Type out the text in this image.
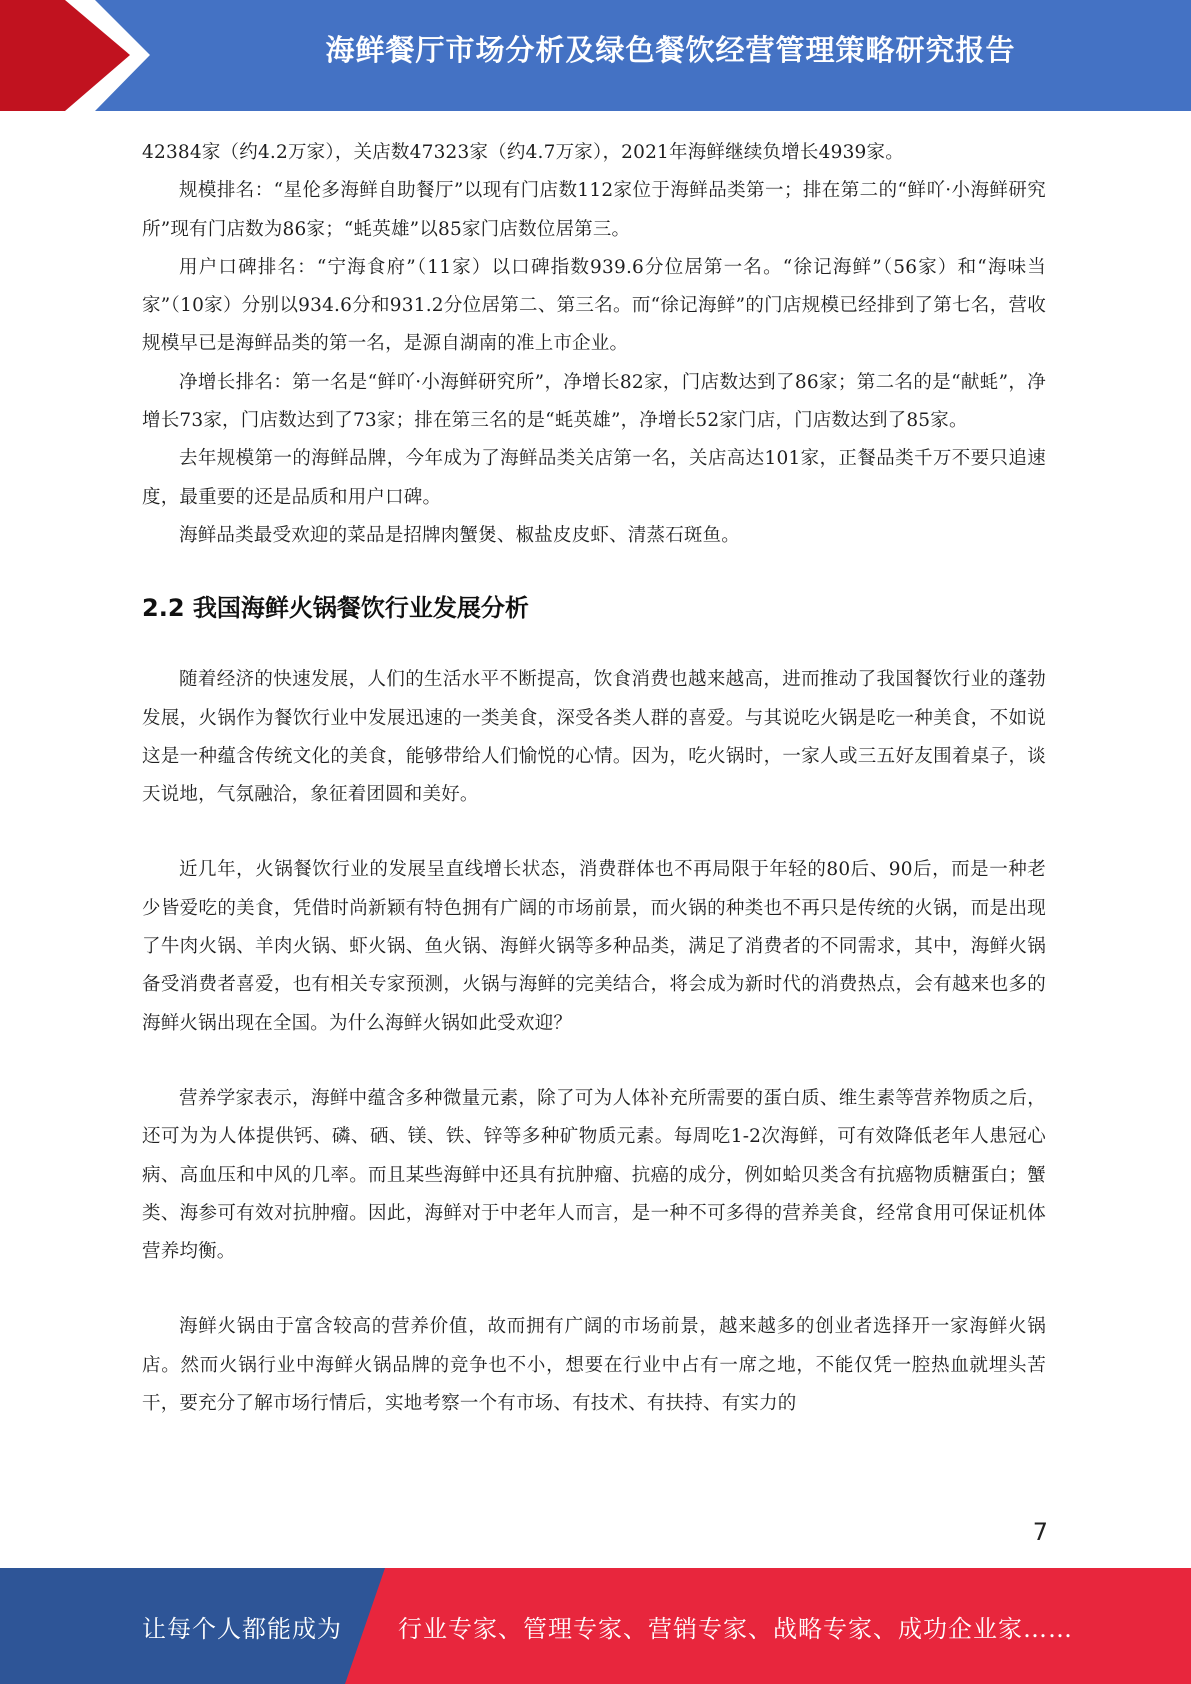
海鲜餐厅市场分析及绿色餐饮经营管理策略研究报告

42384家（约4.2万家），关店数47323家（约4.7万家），2021年海鲜继续负增长4939家。

规模排名：“星伦多海鲜自助餐厅”以现有门店数112家位于海鲜品类第一；排在第二的“鲜吖·小海鲜研究所”现有门店数为86家；“蚝英雄”以85家门店数位居第三。

用户口碑排名：“宁海食府”（11家）以口碑指数939.6分位居第一名。“徐记海鲜”（56家）和“海味当家”（10家）分别以934.6分和931.2分位居第二、第三名。而“徐记海鲜”的门店规模已经排到了第七名，营收规模早已是海鲜品类的第一名，是源自湖南的准上市企业。

净增长排名：第一名是“鲜吖·小海鲜研究所”，净增长82家，门店数达到了86家；第二名的是“献蚝”，净增长73家，门店数达到了73家；排在第三名的是“蚝英雄”，净增长52家门店，门店数达到了85家。

去年规模第一的海鲜品牌，今年成为了海鲜品类关店第一名，关店高达101家，正餐品类千万不要只追速度，最重要的还是品质和用户口碑。

海鲜品类最受欢迎的菜品是招牌肉蟹煲、椒盐皮皮虾、清蒸石斑鱼。

2.2 我国海鲜火锅餐饮行业发展分析

随着经济的快速发展，人们的生活水平不断提高，饮食消费也越来越高，进而推动了我国餐饮行业的蓬勃发展，火锅作为餐饮行业中发展迅速的一类美食，深受各类人群的喜爱。与其说吃火锅是吃一种美食，不如说这是一种蕴含传统文化的美食，能够带给人们愉悦的心情。因为，吃火锅时，一家人或三五好友围着桌子，谈天说地，气氛融洽，象征着团圆和美好。

近几年，火锅餐饮行业的发展呈直线增长状态，消费群体也不再局限于年轻的80后、90后，而是一种老少皆爱吃的美食，凭借时尚新颖有特色拥有广阔的市场前景，而火锅的种类也不再只是传统的火锅，而是出现了牛肉火锅、羊肉火锅、虾火锅、鱼火锅、海鲜火锅等多种品类，满足了消费者的不同需求，其中，海鲜火锅备受消费者喜爱，也有相关专家预测，火锅与海鲜的完美结合，将会成为新时代的消费热点，会有越来也多的海鲜火锅出现在全国。为什么海鲜火锅如此受欢迎？

营养学家表示，海鲜中蕴含多种微量元素，除了可为人体补充所需要的蛋白质、维生素等营养物质之后，还可为为人体提供钙、磷、硒、镁、铁、锌等多种矿物质元素。每周吃1-2次海鲜，可有效降低老年人患冠心病、高血压和中风的几率。而且某些海鲜中还具有抗肿瘤、抗癌的成分，例如蛤贝类含有抗癌物质糖蛋白；蟹类、海参可有效对抗肿瘤。因此，海鲜对于中老年人而言，是一种不可多得的营养美食，经常食用可保证机体营养均衡。

海鲜火锅由于富含较高的营养价值，故而拥有广阔的市场前景，越来越多的创业者选择开一家海鲜火锅店。然而火锅行业中海鲜火锅品牌的竞争也不小，想要在行业中占有一席之地，不能仅凭一腔热血就埋头苦干，要充分了解市场行情后，实地考察一个有市场、有技术、有扶持、有实力的

7
让每个人都能成为 行业专家、管理专家、营销专家、战略专家、成功企业家……
